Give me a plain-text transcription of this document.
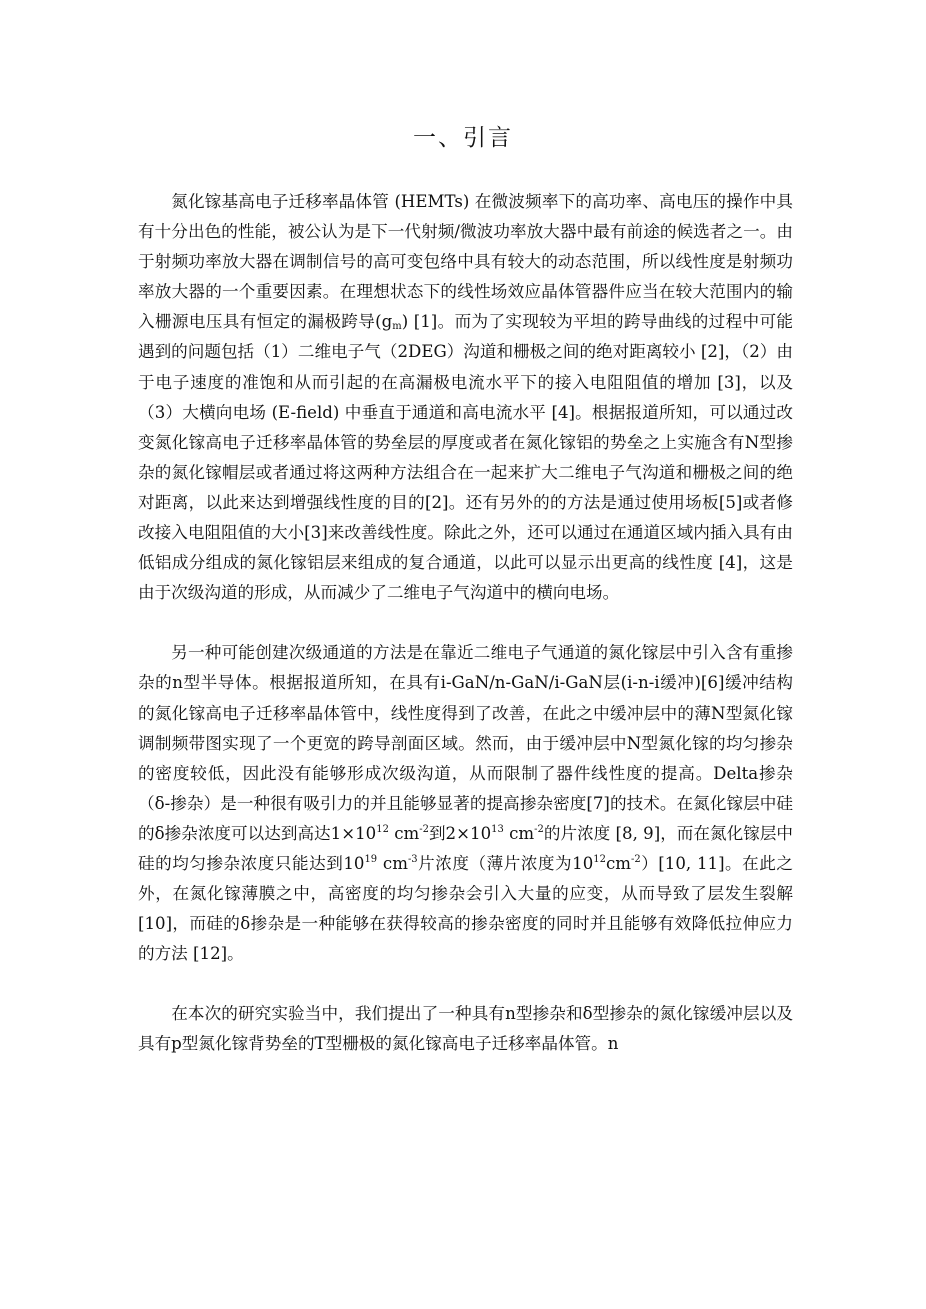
一、引言

氮化镓基高电子迁移率晶体管 (HEMTs) 在微波频率下的高功率、高电压的操作中具有十分出色的性能，被公认为是下一代射频/微波功率放大器中最有前途的候选者之一。由于射频功率放大器在调制信号的高可变包络中具有较大的动态范围，所以线性度是射频功率放大器的一个重要因素。在理想状态下的线性场效应晶体管器件应当在较大范围内的输入栅源电压具有恒定的漏极跨导$(g_m)$ [1]。而为了实现较为平坦的跨导曲线的过程中可能遇到的问题包括（1）二维电子气（2DEG）沟道和栅极之间的绝对距离较小 [2]，（2）由于电子速度的准饱和从而引起的在高漏极电流水平下的接入电阻阻值的增加 [3]，以及（3）大横向电场 (E-field) 中垂直于通道和高电流水平 [4]。根据报道所知，可以通过改变氮化镓高电子迁移率晶体管的势垒层的厚度或者在氮化镓铝的势垒之上实施含有N型掺杂的氮化镓帽层或者通过将这两种方法组合在一起来扩大二维电子气沟道和栅极之间的绝对距离，以此来达到增强线性度的目的[2]。还有另外的的方法是通过使用场板[5]或者修改接入电阻阻值的大小[3]来改善线性度。除此之外，还可以通过在通道区域内插入具有由低铝成分组成的氮化镓铝层来组成的复合通道，以此可以显示出更高的线性度 [4]，这是由于次级沟道的形成，从而减少了二维电子气沟道中的横向电场。

另一种可能创建次级通道的方法是在靠近二维电子气通道的氮化镓层中引入含有重掺杂的n型半导体。根据报道所知，在具有i-GaN/n-GaN/i-GaN层(i-n-i缓冲)[6]缓冲结构的氮化镓高电子迁移率晶体管中，线性度得到了改善，在此之中缓冲层中的薄N型氮化镓调制频带图实现了一个更宽的跨导剖面区域。然而，由于缓冲层中N型氮化镓的均匀掺杂的密度较低，因此没有能够形成次级沟道，从而限制了器件线性度的提高。Delta掺杂（δ-掺杂）是一种很有吸引力的并且能够显著的提高掺杂密度[7]的技术。在氮化镓层中硅的δ掺杂浓度可以达到高达$1\times 10^{12}$ $cm^{-2}$到$2\times 10^{13}$ $cm^{-2}$的片浓度 [8, 9]，而在氮化镓层中硅的均匀掺杂浓度只能达到$10^{19}$ $cm^{-3}$片浓度（薄片浓度为$10^{12}cm^{-2})[10$, 11]。在此之外，在氮化镓薄膜之中，高密度的均匀掺杂会引入大量的应变，从而导致了层发生裂解[10]，而硅的δ掺杂是一种能够在获得较高的掺杂密度的同时并且能够有效降低拉伸应力的方法 [12]。

在本次的研究实验当中，我们提出了一种具有n型掺杂和δ型掺杂的氮化镓缓冲层以及具有p型氮化镓背势垒的T型栅极的氮化镓高电子迁移率晶体管。n
